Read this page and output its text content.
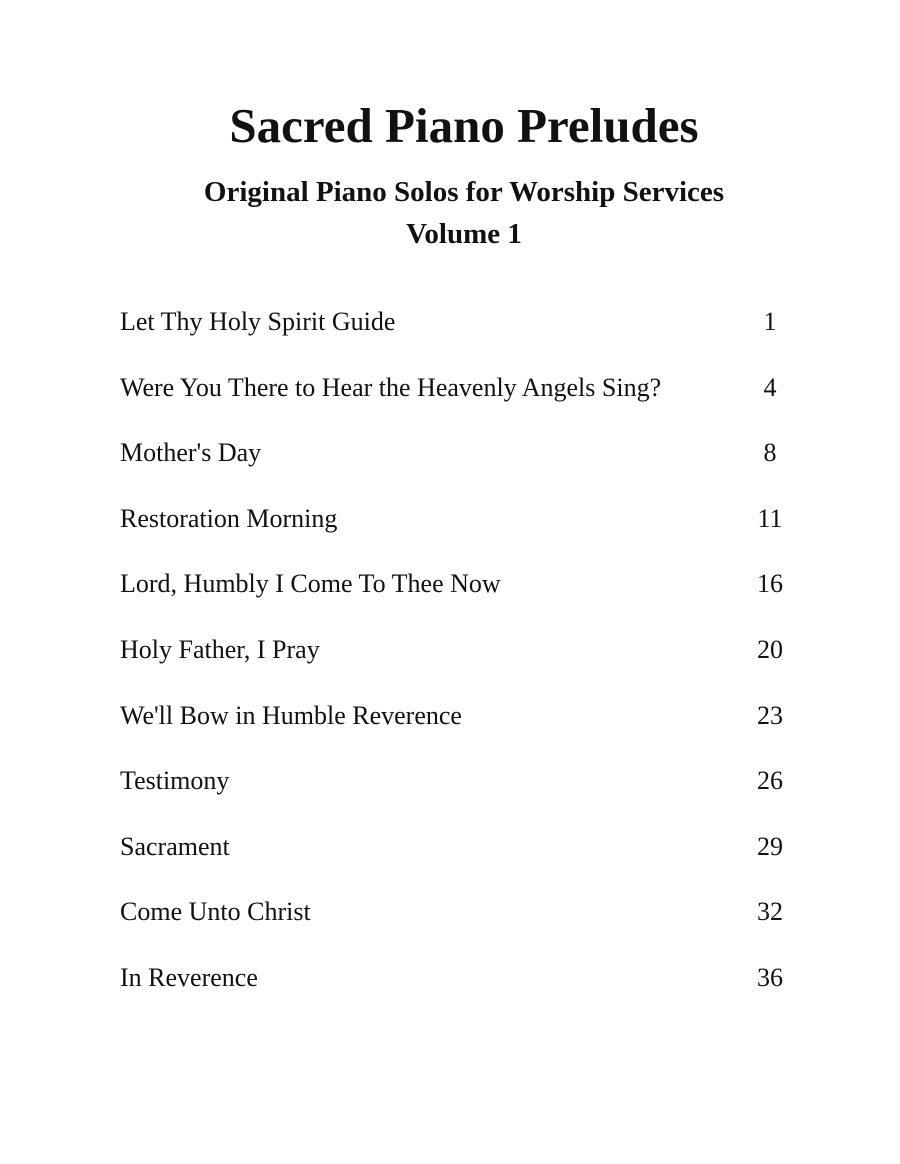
Sacred Piano Preludes
Original Piano Solos for Worship Services
Volume 1
Let Thy Holy Spirit Guide	1
Were You There to Hear the Heavenly Angels Sing?	4
Mother's Day	8
Restoration Morning	11
Lord, Humbly I Come To Thee Now	16
Holy Father, I Pray	20
We'll Bow in Humble Reverence	23
Testimony	26
Sacrament	29
Come Unto Christ	32
In Reverence	36
